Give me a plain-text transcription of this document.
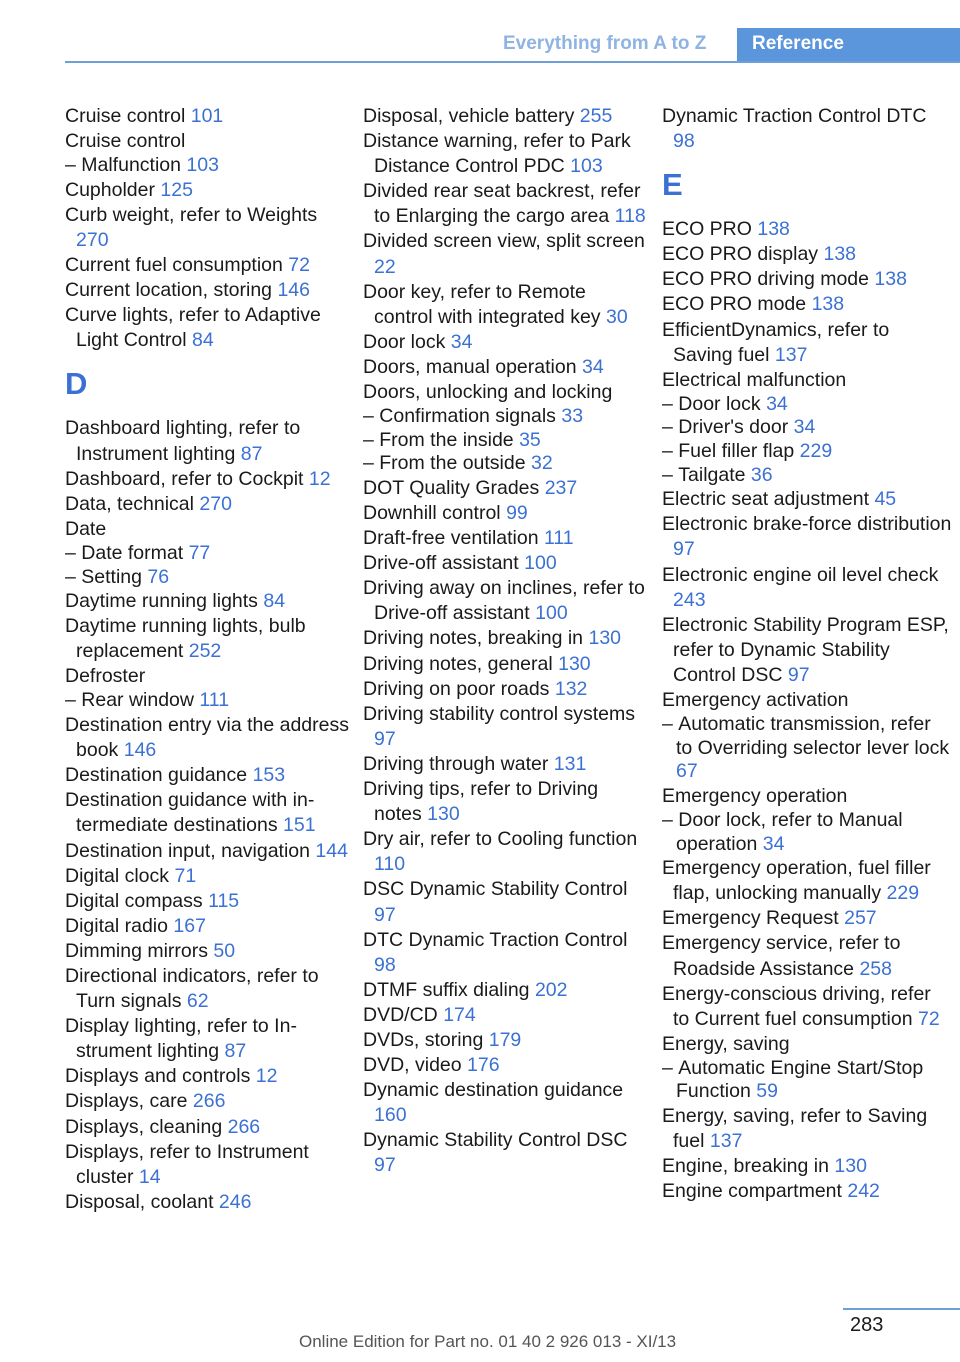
Everything from A to Z	Reference
Cruise control 101
Cruise control
– Malfunction 103
Cupholder 125
Curb weight, refer to Weights 270
Current fuel consumption 72
Current location, storing 146
Curve lights, refer to Adaptive Light Control 84
D
Dashboard lighting, refer to Instrument lighting 87
Dashboard, refer to Cockpit 12
Data, technical 270
Date
– Date format 77
– Setting 76
Daytime running lights 84
Daytime running lights, bulb replacement 252
Defroster
– Rear window 111
Destination entry via the address book 146
Destination guidance 153
Destination guidance with intermediate destinations 151
Destination input, navigation 144
Digital clock 71
Digital compass 115
Digital radio 167
Dimming mirrors 50
Directional indicators, refer to Turn signals 62
Display lighting, refer to Instrument lighting 87
Displays and controls 12
Displays, care 266
Displays, cleaning 266
Displays, refer to Instrument cluster 14
Disposal, coolant 246
Disposal, vehicle battery 255
Distance warning, refer to Park Distance Control PDC 103
Divided rear seat backrest, refer to Enlarging the cargo area 118
Divided screen view, split screen 22
Door key, refer to Remote control with integrated key 30
Door lock 34
Doors, manual operation 34
Doors, unlocking and locking
– Confirmation signals 33
– From the inside 35
– From the outside 32
DOT Quality Grades 237
Downhill control 99
Draft-free ventilation 111
Drive-off assistant 100
Driving away on inclines, refer to Drive-off assistant 100
Driving notes, breaking in 130
Driving notes, general 130
Driving on poor roads 132
Driving stability control systems 97
Driving through water 131
Driving tips, refer to Driving notes 130
Dry air, refer to Cooling function 110
DSC Dynamic Stability Control 97
DTC Dynamic Traction Control 98
DTMF suffix dialing 202
DVD/CD 174
DVDs, storing 179
DVD, video 176
Dynamic destination guidance 160
Dynamic Stability Control DSC 97
Dynamic Traction Control DTC 98
E
ECO PRO 138
ECO PRO display 138
ECO PRO driving mode 138
ECO PRO mode 138
EfficientDynamics, refer to Saving fuel 137
Electrical malfunction
– Door lock 34
– Driver's door 34
– Fuel filler flap 229
– Tailgate 36
Electric seat adjustment 45
Electronic brake-force distribution 97
Electronic engine oil level check 243
Electronic Stability Program ESP, refer to Dynamic Stability Control DSC 97
Emergency activation
– Automatic transmission, refer to Overriding selector lever lock 67
Emergency operation
– Door lock, refer to Manual operation 34
Emergency operation, fuel filler flap, unlocking manually 229
Emergency Request 257
Emergency service, refer to Roadside Assistance 258
Energy-conscious driving, refer to Current fuel consumption 72
Energy, saving
– Automatic Engine Start/​Stop Function 59
Energy, saving, refer to Saving fuel 137
Engine, breaking in 130
Engine compartment 242
283
Online Edition for Part no. 01 40 2 926 013 - XI/13
